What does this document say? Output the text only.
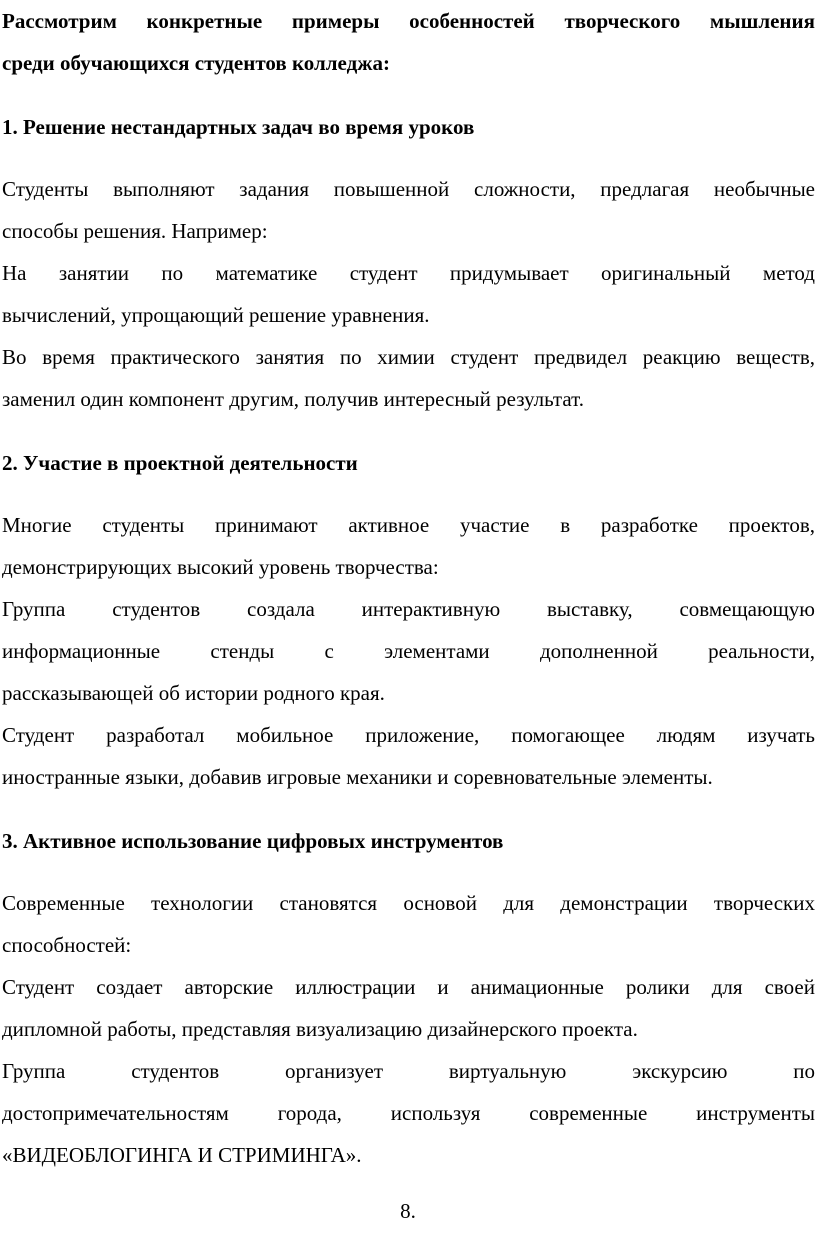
Рассмотрим конкретные примеры особенностей творческого мышления
среди обучающихся студентов колледжа:
1. Решение нестандартных задач во время уроков
Студенты выполняют задания повышенной сложности, предлагая необычные
способы решения. Например:
На занятии по математике студент придумывает оригинальный метод
вычислений, упрощающий решение уравнения.
Во время практического занятия по химии студент предвидел реакцию веществ,
заменил один компонент другим, получив интересный результат.
2. Участие в проектной деятельности
Многие студенты принимают активное участие в разработке проектов,
демонстрирующих высокий уровень творчества:
Группа студентов создала интерактивную выставку, совмещающую
информационные стенды с элементами дополненной реальности,
рассказывающей об истории родного края.
Студент разработал мобильное приложение, помогающее людям изучать
иностранные языки, добавив игровые механики и соревновательные элементы.
3. Активное использование цифровых инструментов
Современные технологии становятся основой для демонстрации творческих
способностей:
Студент создает авторские иллюстрации и анимационные ролики для своей
дипломной работы, представляя визуализацию дизайнерского проекта.
Группа студентов организует виртуальную экскурсию по
достопримечательностям города, используя современные инструменты
«ВИДЕОБЛОГИНГА И СТРИМИНГА».
8.
